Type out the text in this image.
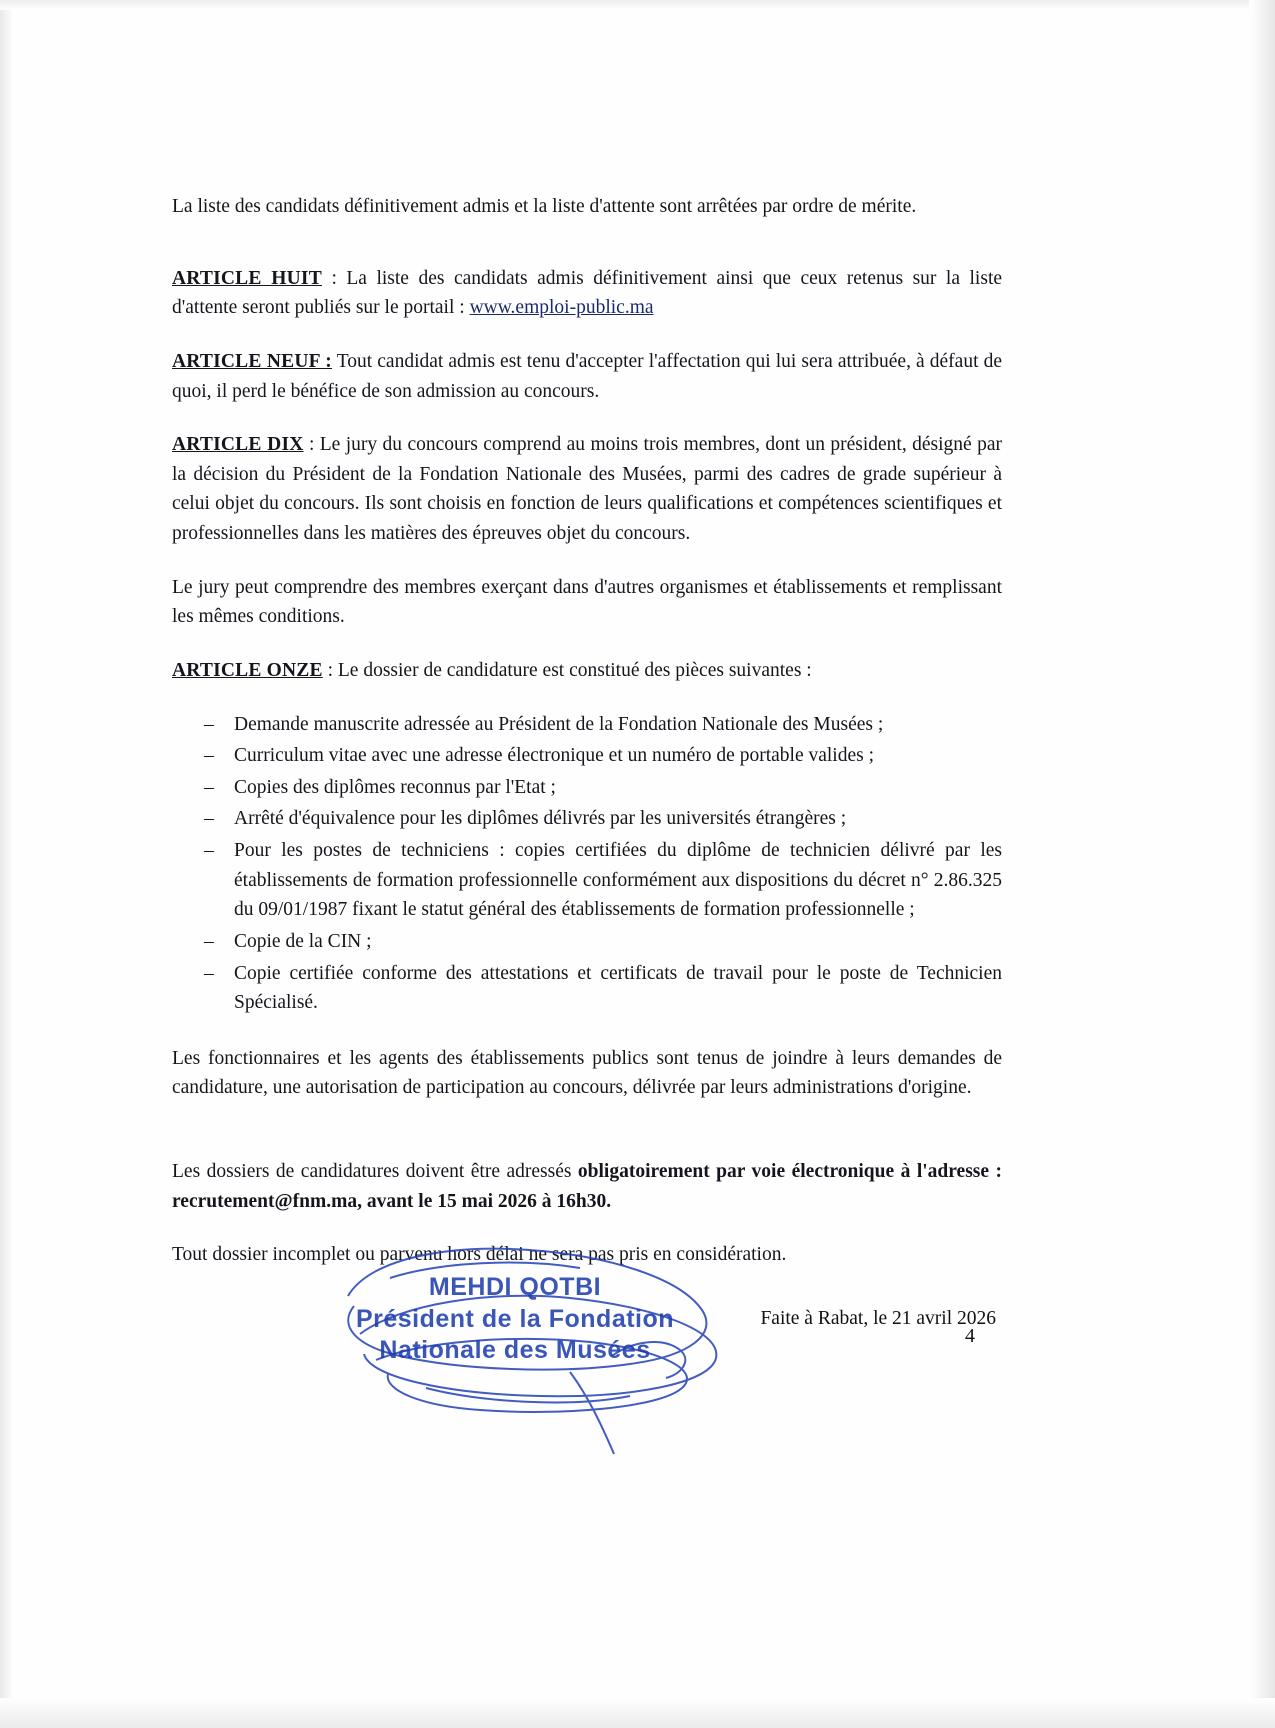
La liste des candidats définitivement admis et la liste d'attente sont arrêtées par ordre de mérite.

ARTICLE HUIT : La liste des candidats admis définitivement ainsi que ceux retenus sur la liste d'attente seront publiés sur le portail : www.emploi-public.ma

ARTICLE NEUF : Tout candidat admis est tenu d'accepter l'affectation qui lui sera attribuée, à défaut de quoi, il perd le bénéfice de son admission au concours.

ARTICLE DIX : Le jury du concours comprend au moins trois membres, dont un président, désigné par la décision du Président de la Fondation Nationale des Musées, parmi des cadres de grade supérieur à celui objet du concours. Ils sont choisis en fonction de leurs qualifications et compétences scientifiques et professionnelles dans les matières des épreuves objet du concours.

Le jury peut comprendre des membres exerçant dans d'autres organismes et établissements et remplissant les mêmes conditions.

ARTICLE ONZE : Le dossier de candidature est constitué des pièces suivantes :

– Demande manuscrite adressée au Président de la Fondation Nationale des Musées ;
– Curriculum vitae avec une adresse électronique et un numéro de portable valides ;
– Copies des diplômes reconnus par l'Etat ;
– Arrêté d'équivalence pour les diplômes délivrés par les universités étrangères ;
– Pour les postes de techniciens : copies certifiées du diplôme de technicien délivré par les établissements de formation professionnelle conformément aux dispositions du décret n° 2.86.325 du 09/01/1987 fixant le statut général des établissements de formation professionnelle ;
– Copie de la CIN ;
– Copie certifiée conforme des attestations et certificats de travail pour le poste de Technicien Spécialisé.

Les fonctionnaires et les agents des établissements publics sont tenus de joindre à leurs demandes de candidature, une autorisation de participation au concours, délivrée par leurs administrations d'origine.

Les dossiers de candidatures doivent être adressés obligatoirement par voie électronique à l'adresse : recrutement@fnm.ma, avant le 15 mai 2026 à 16h30.

Tout dossier incomplet ou parvenu hors délai ne sera pas pris en considération.

Faite à Rabat, le 21 avril 2026
4
MEHDI QOTBI
Président de la Fondation
Nationale des Musées
